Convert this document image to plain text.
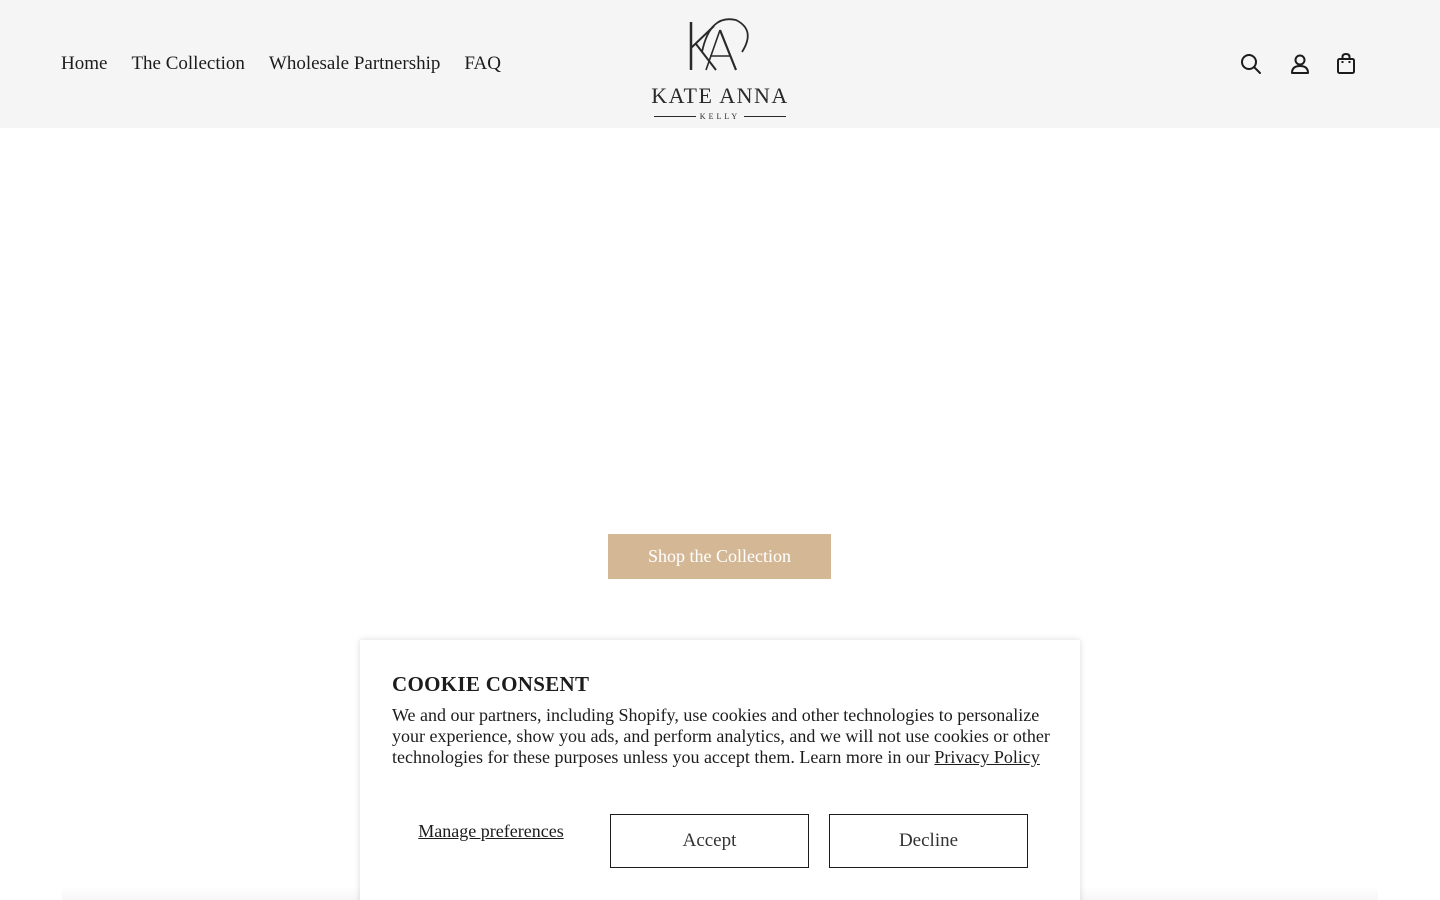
Home The Collection Wholesale Partnership FAQ
KATE ANNA
KELLY
Shop the Collection
COOKIE CONSENT

We and our partners, including Shopify, use cookies and other technologies to personalize your experience, show you ads, and perform analytics, and we will not use cookies or other technologies for these purposes unless you accept them. Learn more in our Privacy Policy

Manage preferences	Accept	Decline
